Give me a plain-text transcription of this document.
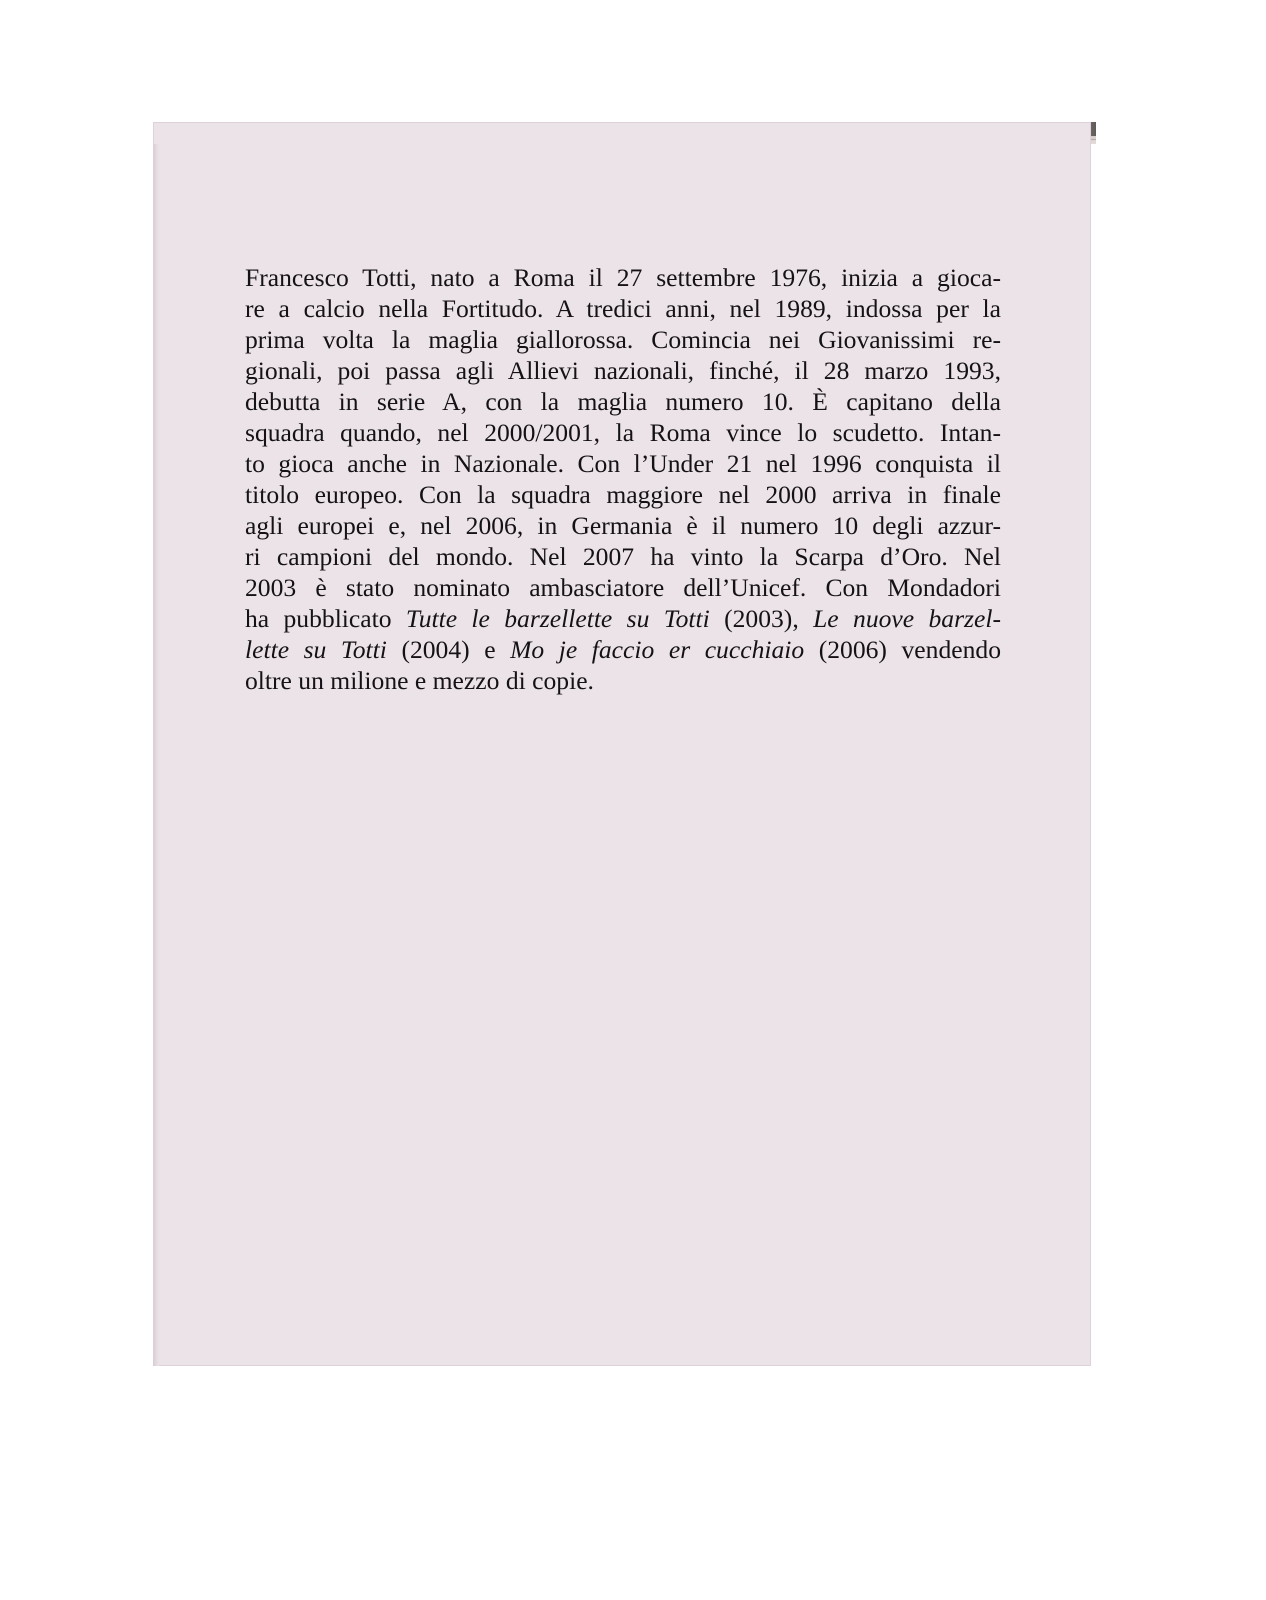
Francesco Totti, nato a Roma il 27 settembre 1976, inizia a gioca-
re a calcio nella Fortitudo. A tredici anni, nel 1989, indossa per la
prima volta la maglia giallorossa. Comincia nei Giovanissimi re-
gionali, poi passa agli Allievi nazionali, finché, il 28 marzo 1993,
debutta in serie A, con la maglia numero 10. È capitano della
squadra quando, nel 2000/2001, la Roma vince lo scudetto. Intan-
to gioca anche in Nazionale. Con l’Under 21 nel 1996 conquista il
titolo europeo. Con la squadra maggiore nel 2000 arriva in finale
agli europei e, nel 2006, in Germania è il numero 10 degli azzur-
ri campioni del mondo. Nel 2007 ha vinto la Scarpa d’Oro. Nel
2003 è stato nominato ambasciatore dell’Unicef. Con Mondadori
ha pubblicato Tutte le barzellette su Totti (2003), Le nuove barzel-
lette su Totti (2004) e Mo je faccio er cucchiaio (2006) vendendo
oltre un milione e mezzo di copie.
